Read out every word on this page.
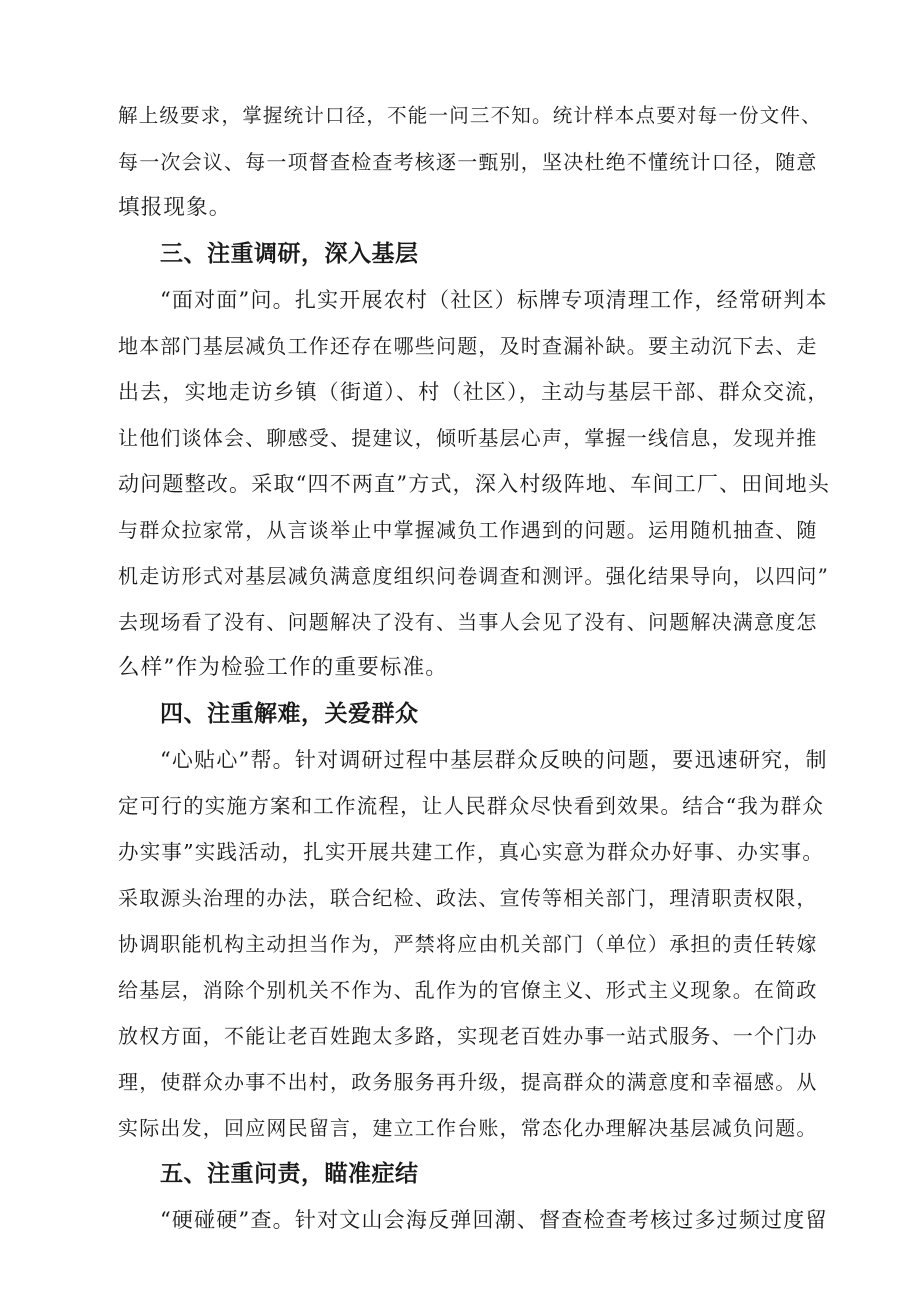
解上级要求，掌握统计口径，不能一问三不知。统计样本点要对每一份文件、
每一次会议、每一项督查检查考核逐一甄别，坚决杜绝不懂统计口径，随意
填报现象。
三、注重调研，深入基层
“面对面”问。扎实开展农村（社区）标牌专项清理工作，经常研判本
地本部门基层减负工作还存在哪些问题，及时查漏补缺。要主动沉下去、走
出去，实地走访乡镇（街道）、村（社区），主动与基层干部、群众交流，
让他们谈体会、聊感受、提建议，倾听基层心声，掌握一线信息，发现并推
动问题整改。采取“四不两直”方式，深入村级阵地、车间工厂、田间地头
与群众拉家常，从言谈举止中掌握减负工作遇到的问题。运用随机抽查、随
机走访形式对基层减负满意度组织问卷调查和测评。强化结果导向，以四问”
去现场看了没有、问题解决了没有、当事人会见了没有、问题解决满意度怎
么样”作为检验工作的重要标准。
四、注重解难，关爱群众
“心贴心”帮。针对调研过程中基层群众反映的问题，要迅速研究，制
定可行的实施方案和工作流程，让人民群众尽快看到效果。结合“我为群众
办实事”实践活动，扎实开展共建工作，真心实意为群众办好事、办实事。
采取源头治理的办法，联合纪检、政法、宣传等相关部门，理清职责权限，
协调职能机构主动担当作为，严禁将应由机关部门（单位）承担的责任转嫁
给基层，消除个别机关不作为、乱作为的官僚主义、形式主义现象。在简政
放权方面，不能让老百姓跑太多路，实现老百姓办事一站式服务、一个门办
理，使群众办事不出村，政务服务再升级，提高群众的满意度和幸福感。从
实际出发，回应网民留言，建立工作台账，常态化办理解决基层减负问题。
五、注重问责，瞄准症结
“硬碰硬”查。针对文山会海反弹回潮、督查检查考核过多过频过度留
